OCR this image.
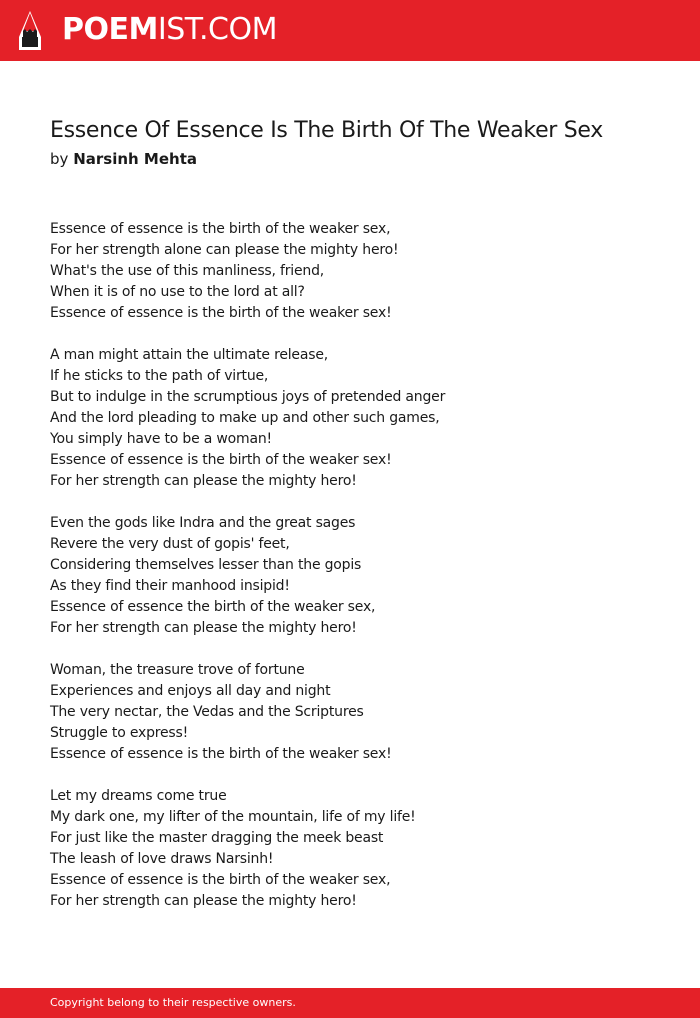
POEMIST.COM
Essence Of Essence Is The Birth Of The Weaker Sex
by Narsinh Mehta
Essence of essence is the birth of the weaker sex,
For her strength alone can please the mighty hero!
What's the use of this manliness, friend,
When it is of no use to the lord at all?
Essence of essence is the birth of the weaker sex!
A man might attain the ultimate release,
If he sticks to the path of virtue,
But to indulge in the scrumptious joys of pretended anger
And the lord pleading to make up and other such games,
You simply have to be a woman!
Essence of essence is the birth of the weaker sex!
For her strength can please the mighty hero!
Even the gods like Indra and the great sages
Revere the very dust of gopis' feet,
Considering themselves lesser than the gopis
As they find their manhood insipid!
Essence of essence the birth of the weaker sex,
For her strength can please the mighty hero!
Woman, the treasure trove of fortune
Experiences and enjoys all day and night
The very nectar, the Vedas and the Scriptures
Struggle to express!
Essence of essence is the birth of the weaker sex!
Let my dreams come true
My dark one, my lifter of the mountain, life of my life!
For just like the master dragging the meek beast
The leash of love draws Narsinh!
Essence of essence is the birth of the weaker sex,
For her strength can please the mighty hero!
Copyright belong to their respective owners.
